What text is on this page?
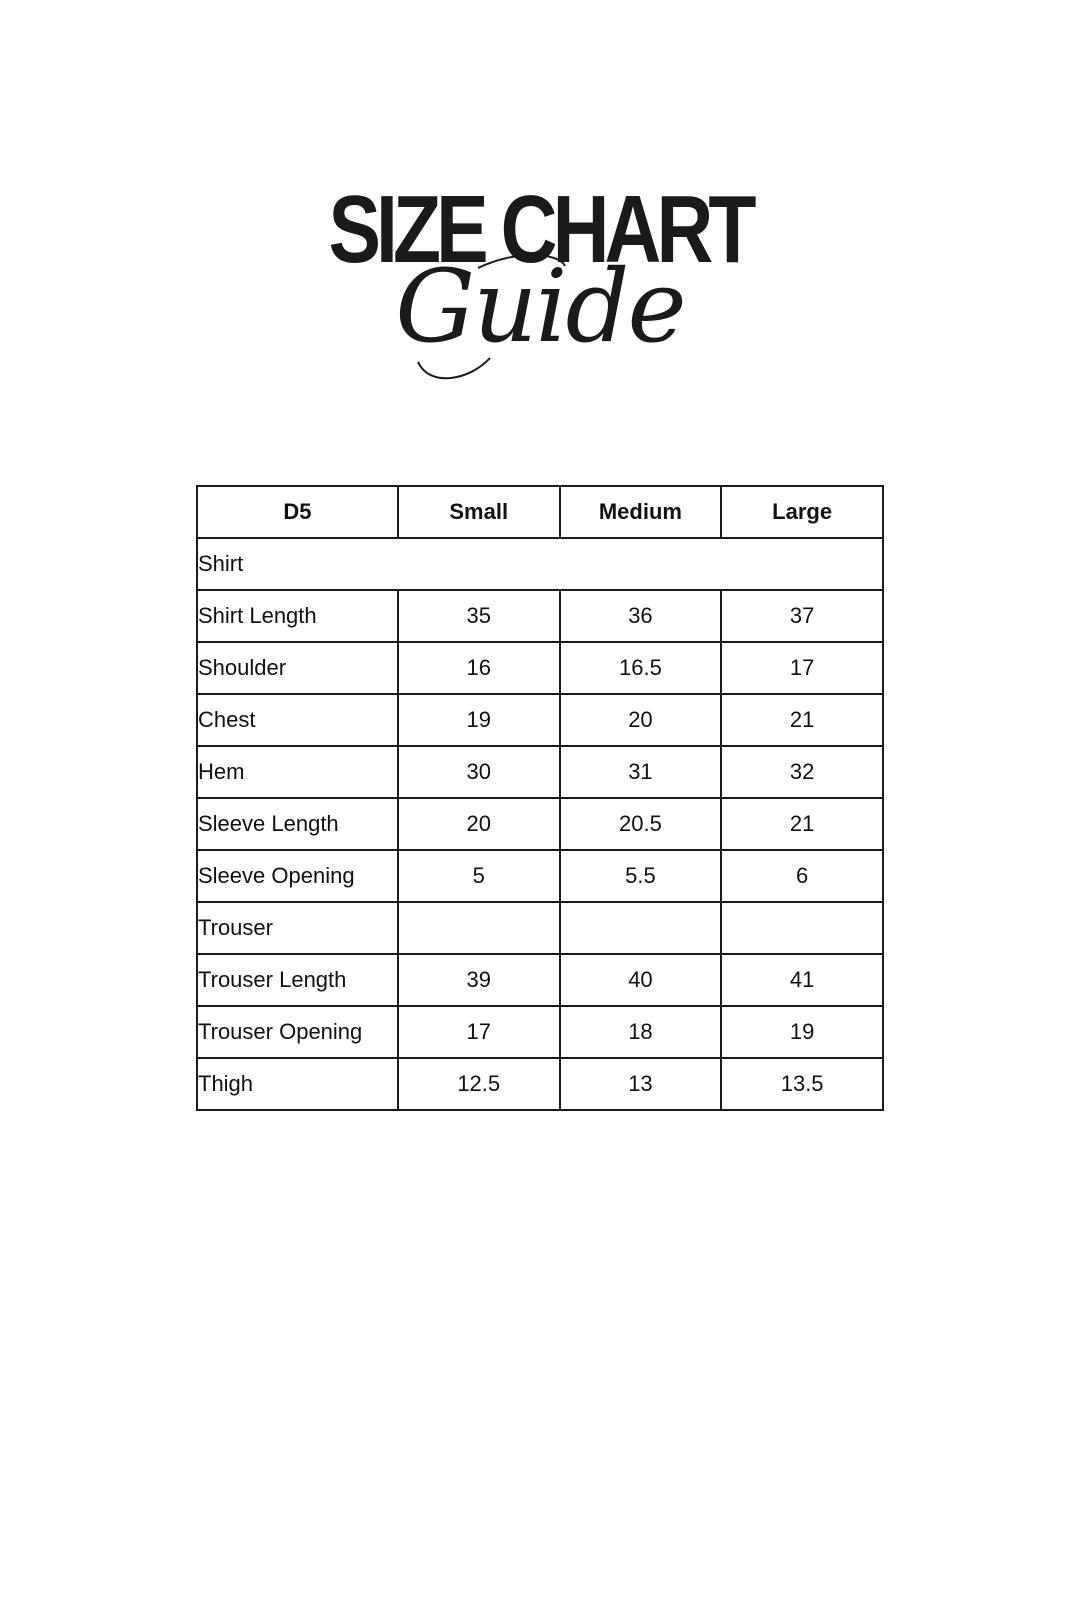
SIZE CHART
Guide
D5	Small	Medium	Large
Shirt			
Shirt Length	35	36	37
Shoulder	16	16.5	17
Chest	19	20	21
Hem	30	31	32
Sleeve Length	20	20.5	21
Sleeve Opening	5	5.5	6
Trouser			
Trouser Length	39	40	41
Trouser Opening	17	18	19
Thigh	12.5	13	13.5
